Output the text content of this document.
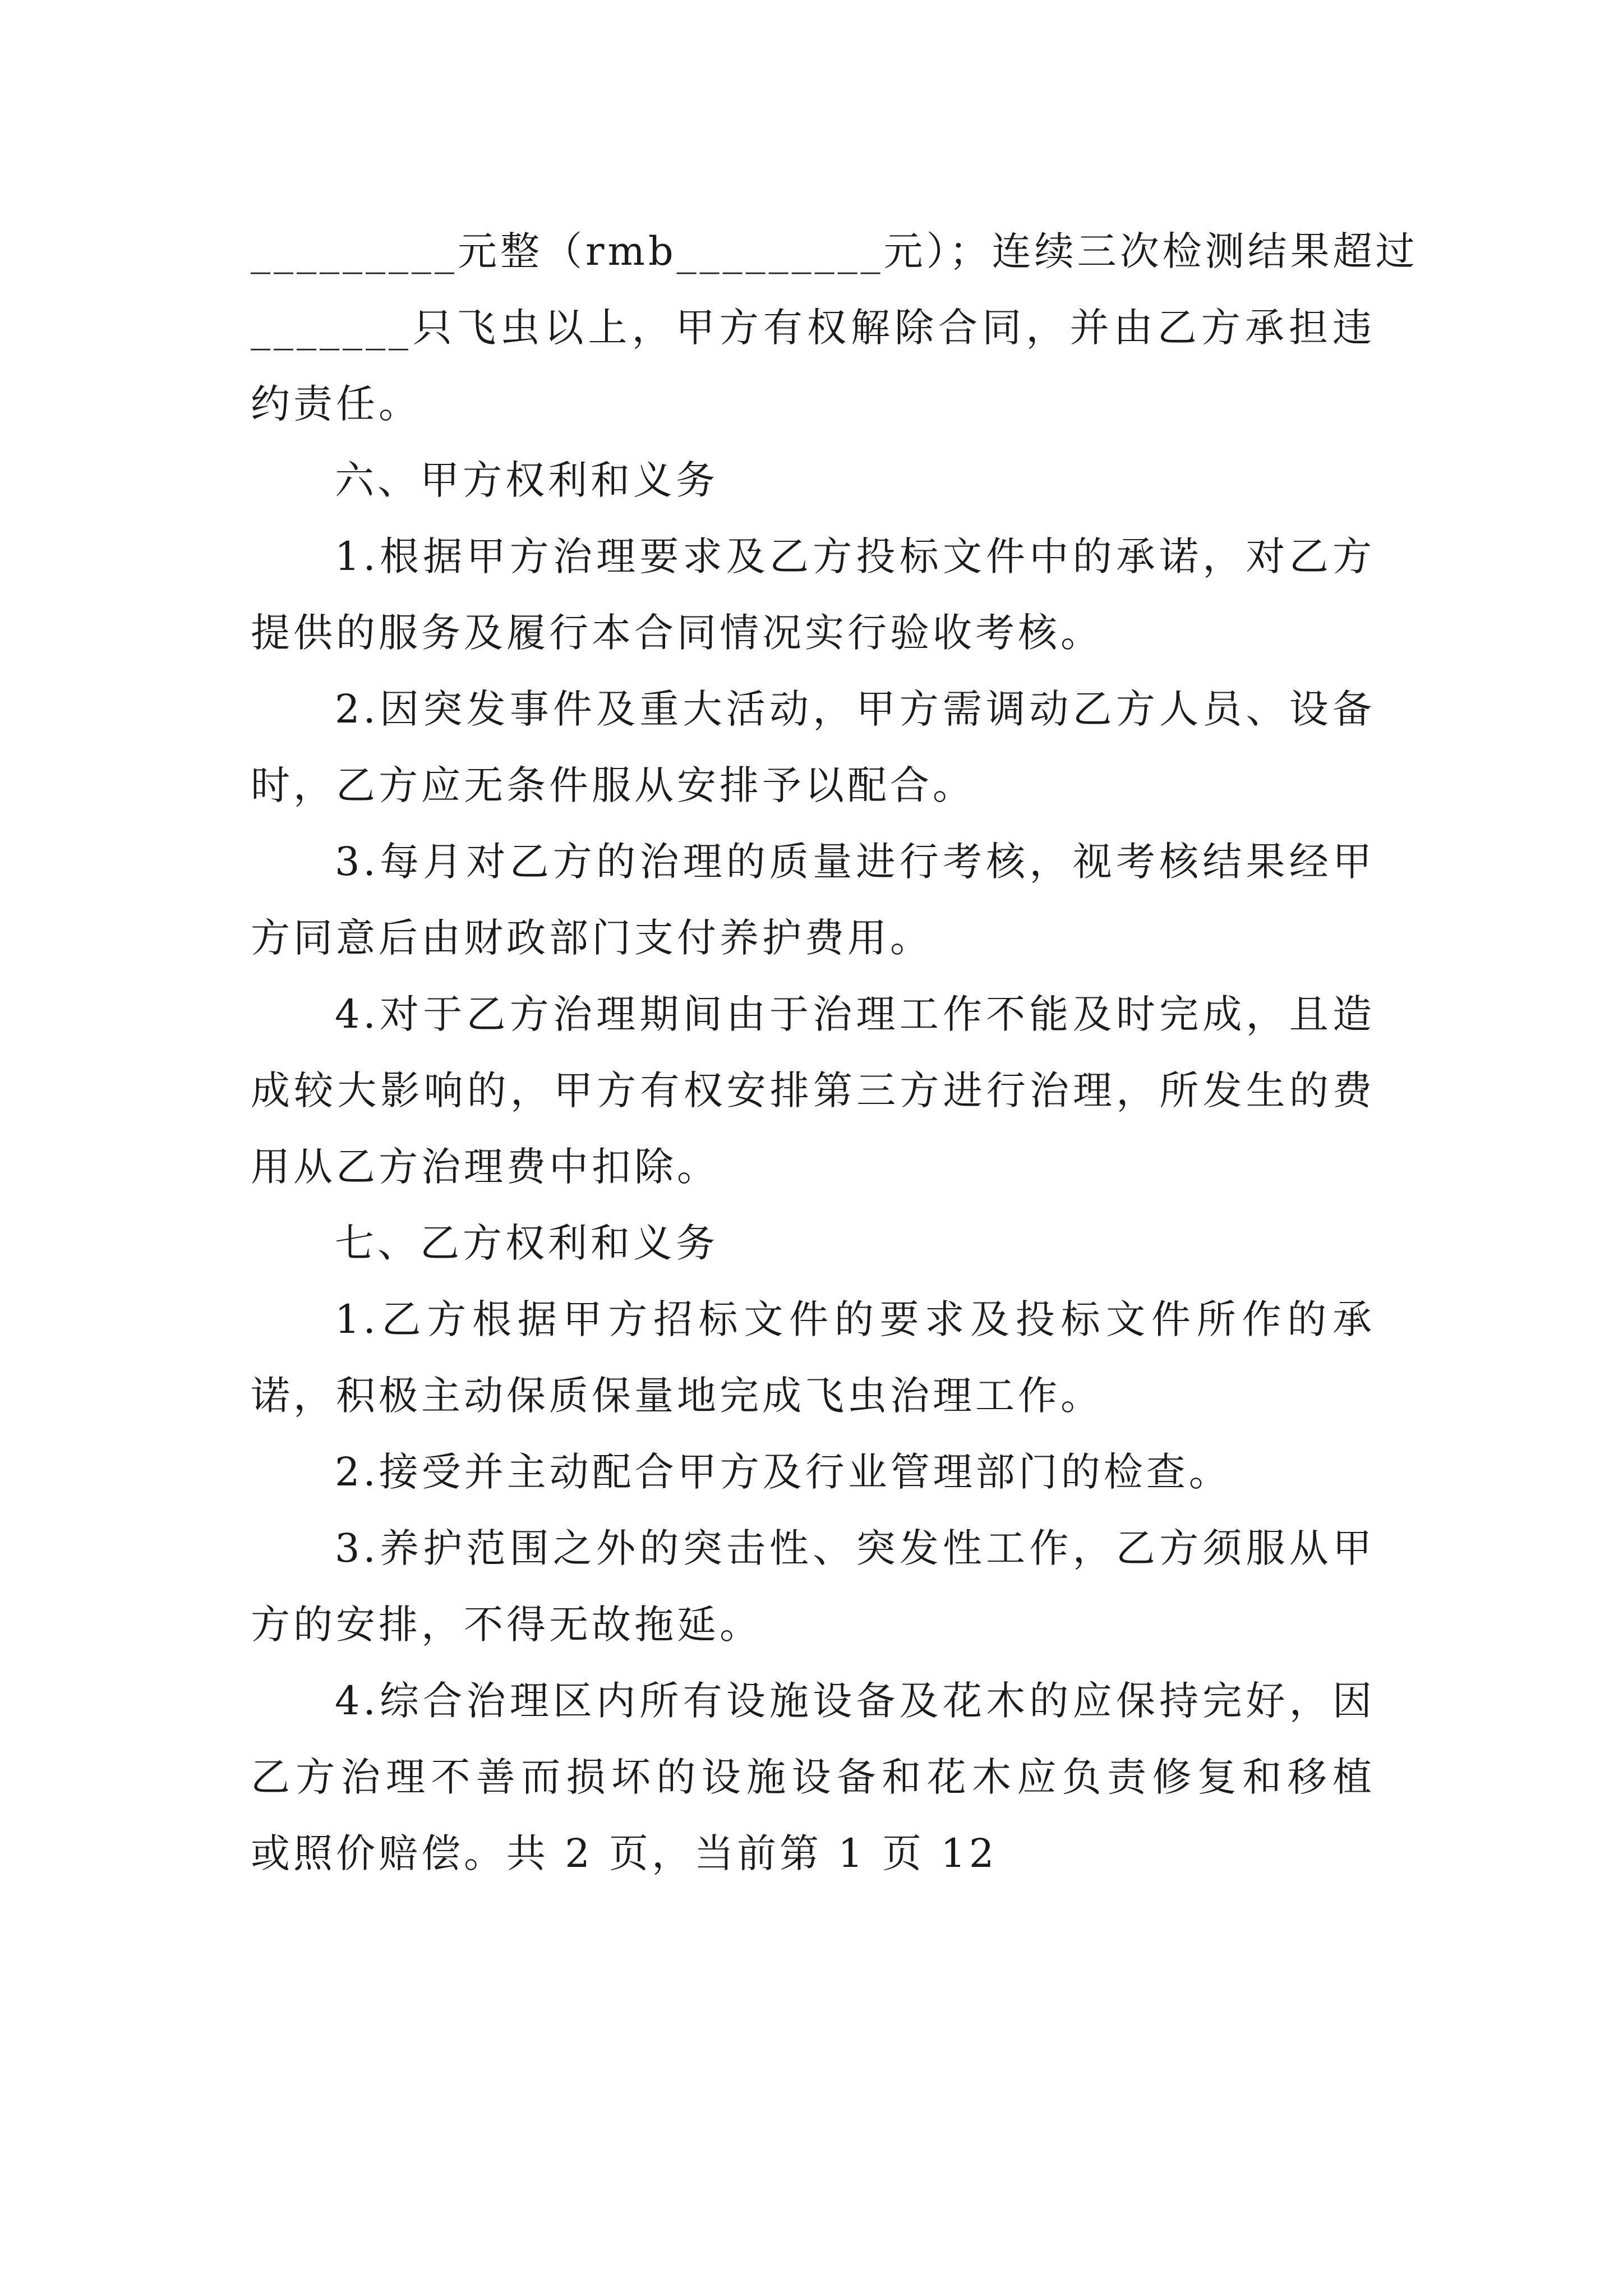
_________元整（rmb_________元）；连续三次检测结果超过
_______只飞虫以上，甲方有权解除合同，并由乙方承担违
约责任。
六、甲方权利和义务
1.根据甲方治理要求及乙方投标文件中的承诺，对乙方
提供的服务及履行本合同情况实行验收考核。
2.因突发事件及重大活动，甲方需调动乙方人员、设备
时，乙方应无条件服从安排予以配合。
3.每月对乙方的治理的质量进行考核，视考核结果经甲
方同意后由财政部门支付养护费用。
4.对于乙方治理期间由于治理工作不能及时完成，且造
成较大影响的，甲方有权安排第三方进行治理，所发生的费
用从乙方治理费中扣除。
七、乙方权利和义务
1.乙方根据甲方招标文件的要求及投标文件所作的承
诺，积极主动保质保量地完成飞虫治理工作。
2.接受并主动配合甲方及行业管理部门的检查。
3.养护范围之外的突击性、突发性工作，乙方须服从甲
方的安排，不得无故拖延。
4.综合治理区内所有设施设备及花木的应保持完好，因
乙方治理不善而损坏的设施设备和花木应负责修复和移植
或照价赔偿。共 2 页，当前第 1 页 12
